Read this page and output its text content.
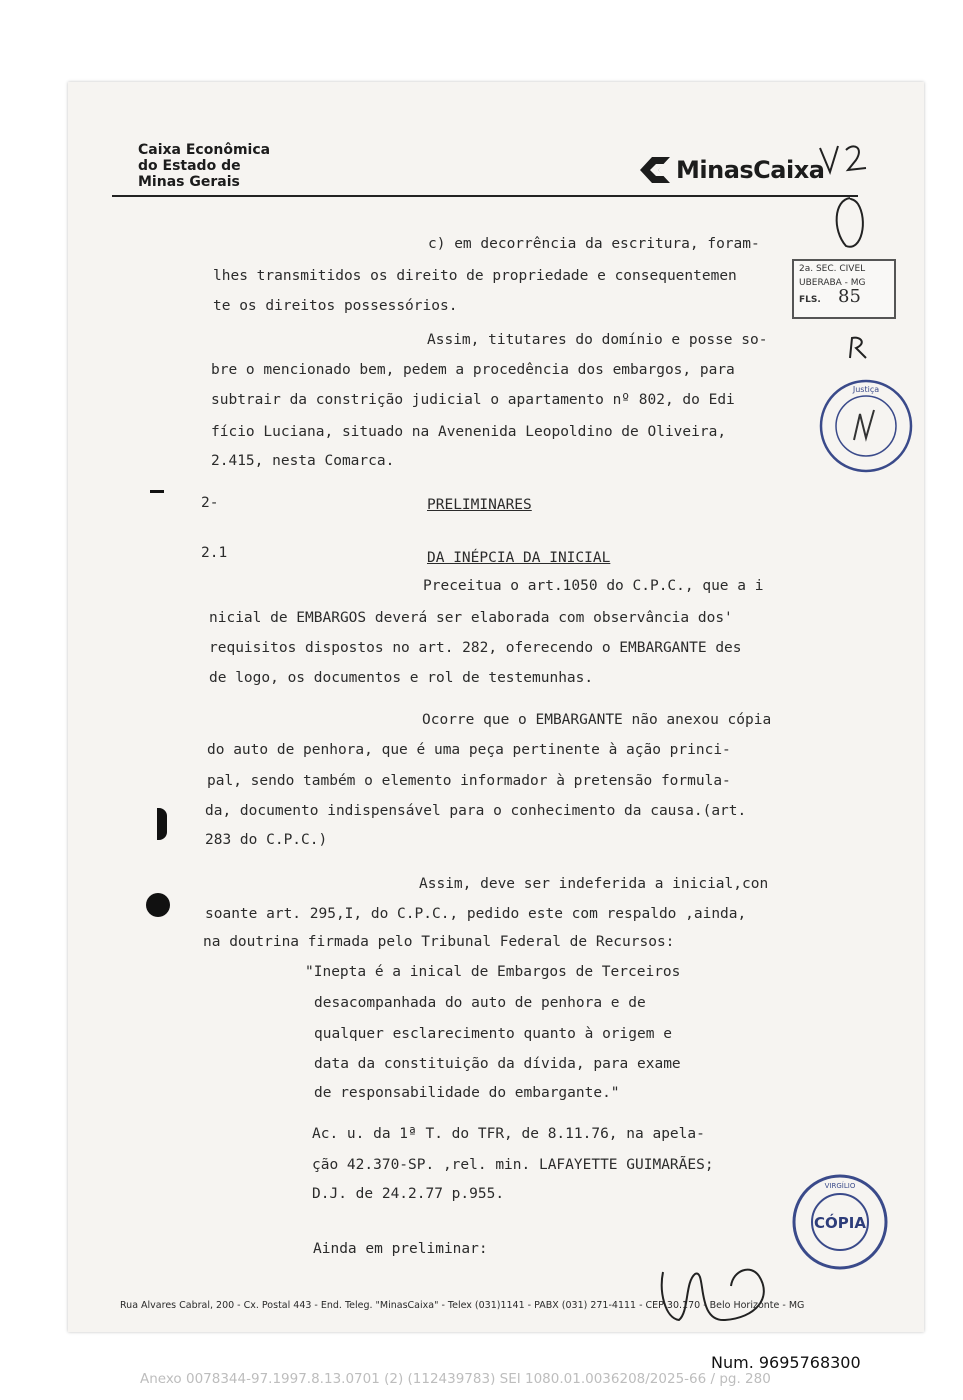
Caixa Econômica
do Estado de
Minas Gerais	MinasCaixa
2a. SEC. CIVEL
UBERABA - MG
FLS. 85
Justiça
CÓPIA
VIRGÍLIO
c) em decorrência da escritura, foram-
lhes transmitidos os direito de propriedade e consequentemen
te os direitos possessórios.
Assim, titutares do domínio e posse so-
bre o mencionado bem, pedem a procedência dos embargos, para
subtrair da constrição judicial o apartamento nº 802, do Edi
fício Luciana, situado na Avenenida Leopoldino de Oliveira,
2.415, nesta Comarca.
2-	PRELIMINARES
2.1	DA INÉPCIA DA INICIAL
Preceitua o art.1050 do C.P.C., que a i
nicial de EMBARGOS deverá ser elaborada com observância dos'
requisitos dispostos no art. 282, oferecendo o EMBARGANTE des
de logo, os documentos e rol de testemunhas.
Ocorre que o EMBARGANTE não anexou cópia
do auto de penhora, que é uma peça pertinente à ação princi-
pal, sendo também o elemento informador à pretensão formula-
da, documento indispensável para o conhecimento da causa.(art.
283 do C.P.C.)
Assim, deve ser indeferida a inicial,con
soante art. 295,I, do C.P.C., pedido este com respaldo ,ainda,
na doutrina firmada pelo Tribunal Federal de Recursos:
"Inepta é a inical de Embargos de Terceiros
desacompanhada do auto de penhora e de
qualquer esclarecimento quanto à origem e
data da constituição da dívida, para exame
de responsabilidade do embargante."
Ac. u. da 1ª T. do TFR, de 8.11.76, na apela-
ção 42.370-SP. ,rel. min. LAFAYETTE GUIMARÃES;
D.J. de 24.2.77 p.955.
Ainda em preliminar:
Rua Alvares Cabral, 200 - Cx. Postal 443 - End. Teleg. "MinasCaixa" - Telex (031)1141 - PABX (031) 271-4111 - CEP 30.170 - Belo Horizonte - MG
Num. 9695768300
Anexo 0078344-97.1997.8.13.0701 (2) (112439783) SEI 1080.01.0036208/2025-66 / pg. 280
